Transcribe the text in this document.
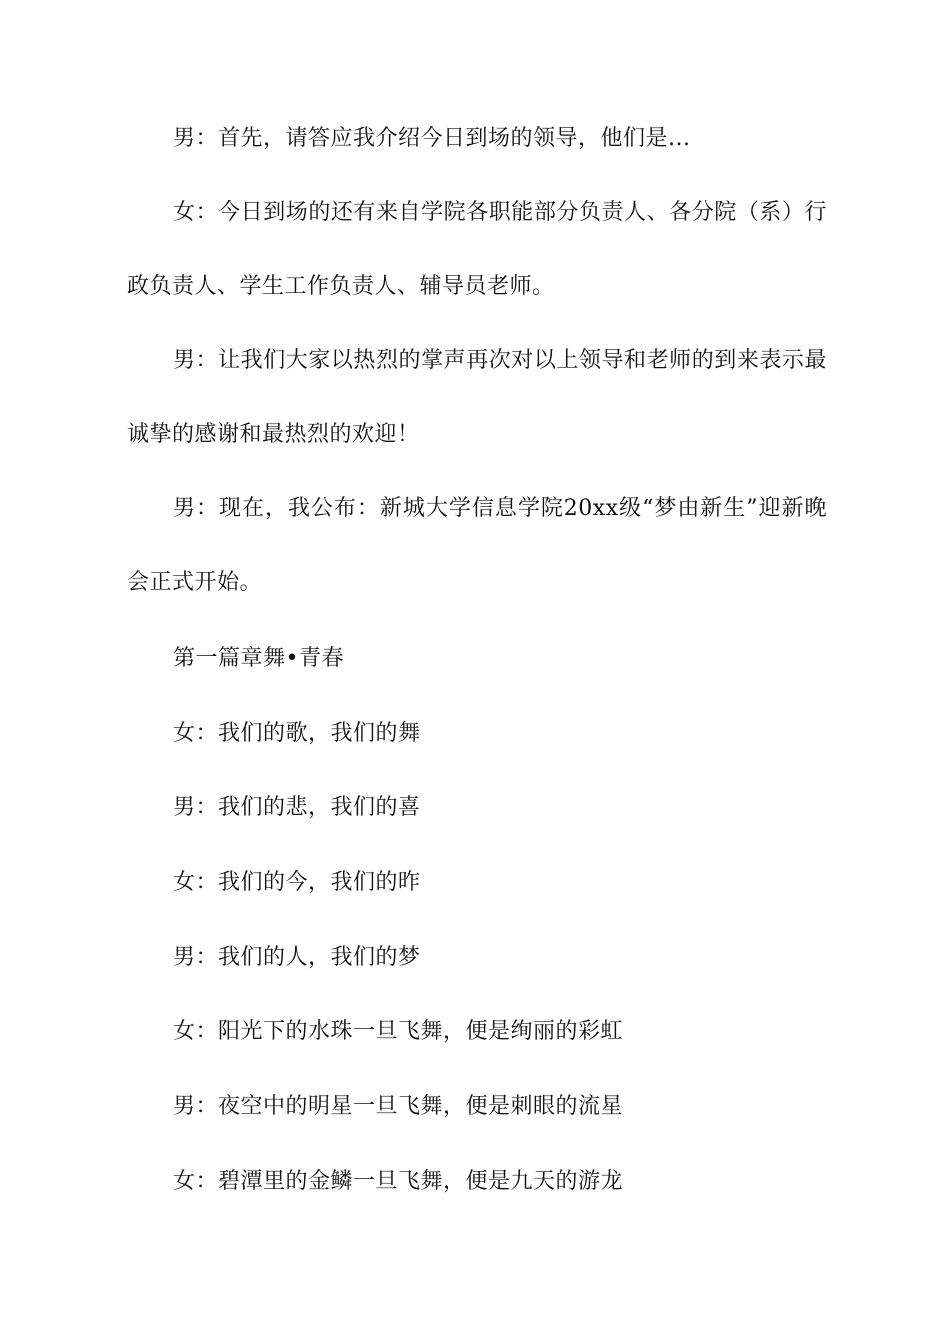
男：首先，请答应我介绍今日到场的领导，他们是...

女：今日到场的还有来自学院各职能部分负责人、各分院（系）行政负责人、学生工作负责人、辅导员老师。

男：让我们大家以热烈的掌声再次对以上领导和老师的到来表示最诚挚的感谢和最热烈的欢迎！

男：现在，我公布：新城大学信息学院20xx级“梦由新生”迎新晚会正式开始。

第一篇章舞•青春

女：我们的歌，我们的舞

男：我们的悲，我们的喜

女：我们的今，我们的昨

男：我们的人，我们的梦

女：阳光下的水珠一旦飞舞，便是绚丽的彩虹

男：夜空中的明星一旦飞舞，便是刺眼的流星

女：碧潭里的金鳞一旦飞舞，便是九天的游龙
